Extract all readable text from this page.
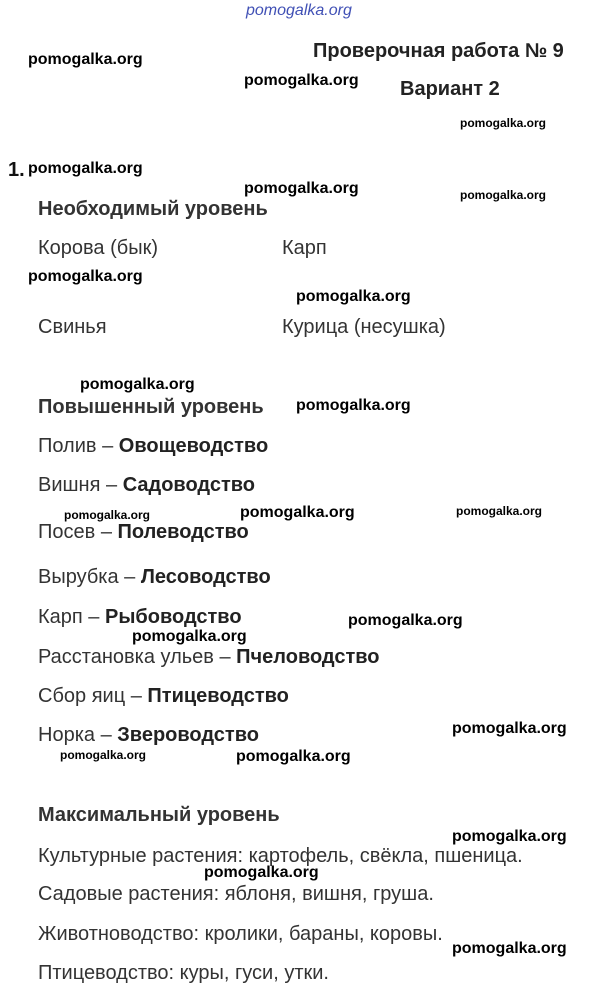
pomogalka.org
Проверочная работа № 9
Вариант 2
1.
Необходимый уровень
Корова (бык)	Карп
Свинья	Курица (несушка)
Повышенный уровень
Полив – Овощеводство
Вишня – Садоводство
Посев – Полеводство
Вырубка – Лесоводство
Карп – Рыбоводство
Расстановка ульев – Пчеловодство
Сбор яиц – Птицеводство
Норка – Звероводство
Максимальный уровень
Культурные растения: картофель, свёкла, пшеница.
Садовые растения: яблоня, вишня, груша.
Животноводство: кролики, бараны, коровы.
Птицеводство: куры, гуси, утки.
pomogalka.org
pomogalka.org
pomogalka.org
pomogalka.org
pomogalka.org	pomogalka.org
pomogalka.org
pomogalka.org
pomogalka.org
pomogalka.org
pomogalka.org	pomogalka.org	pomogalka.org
pomogalka.org
pomogalka.org
pomogalka.org
pomogalka.org	pomogalka.org
pomogalka.org
pomogalka.org
pomogalka.org
